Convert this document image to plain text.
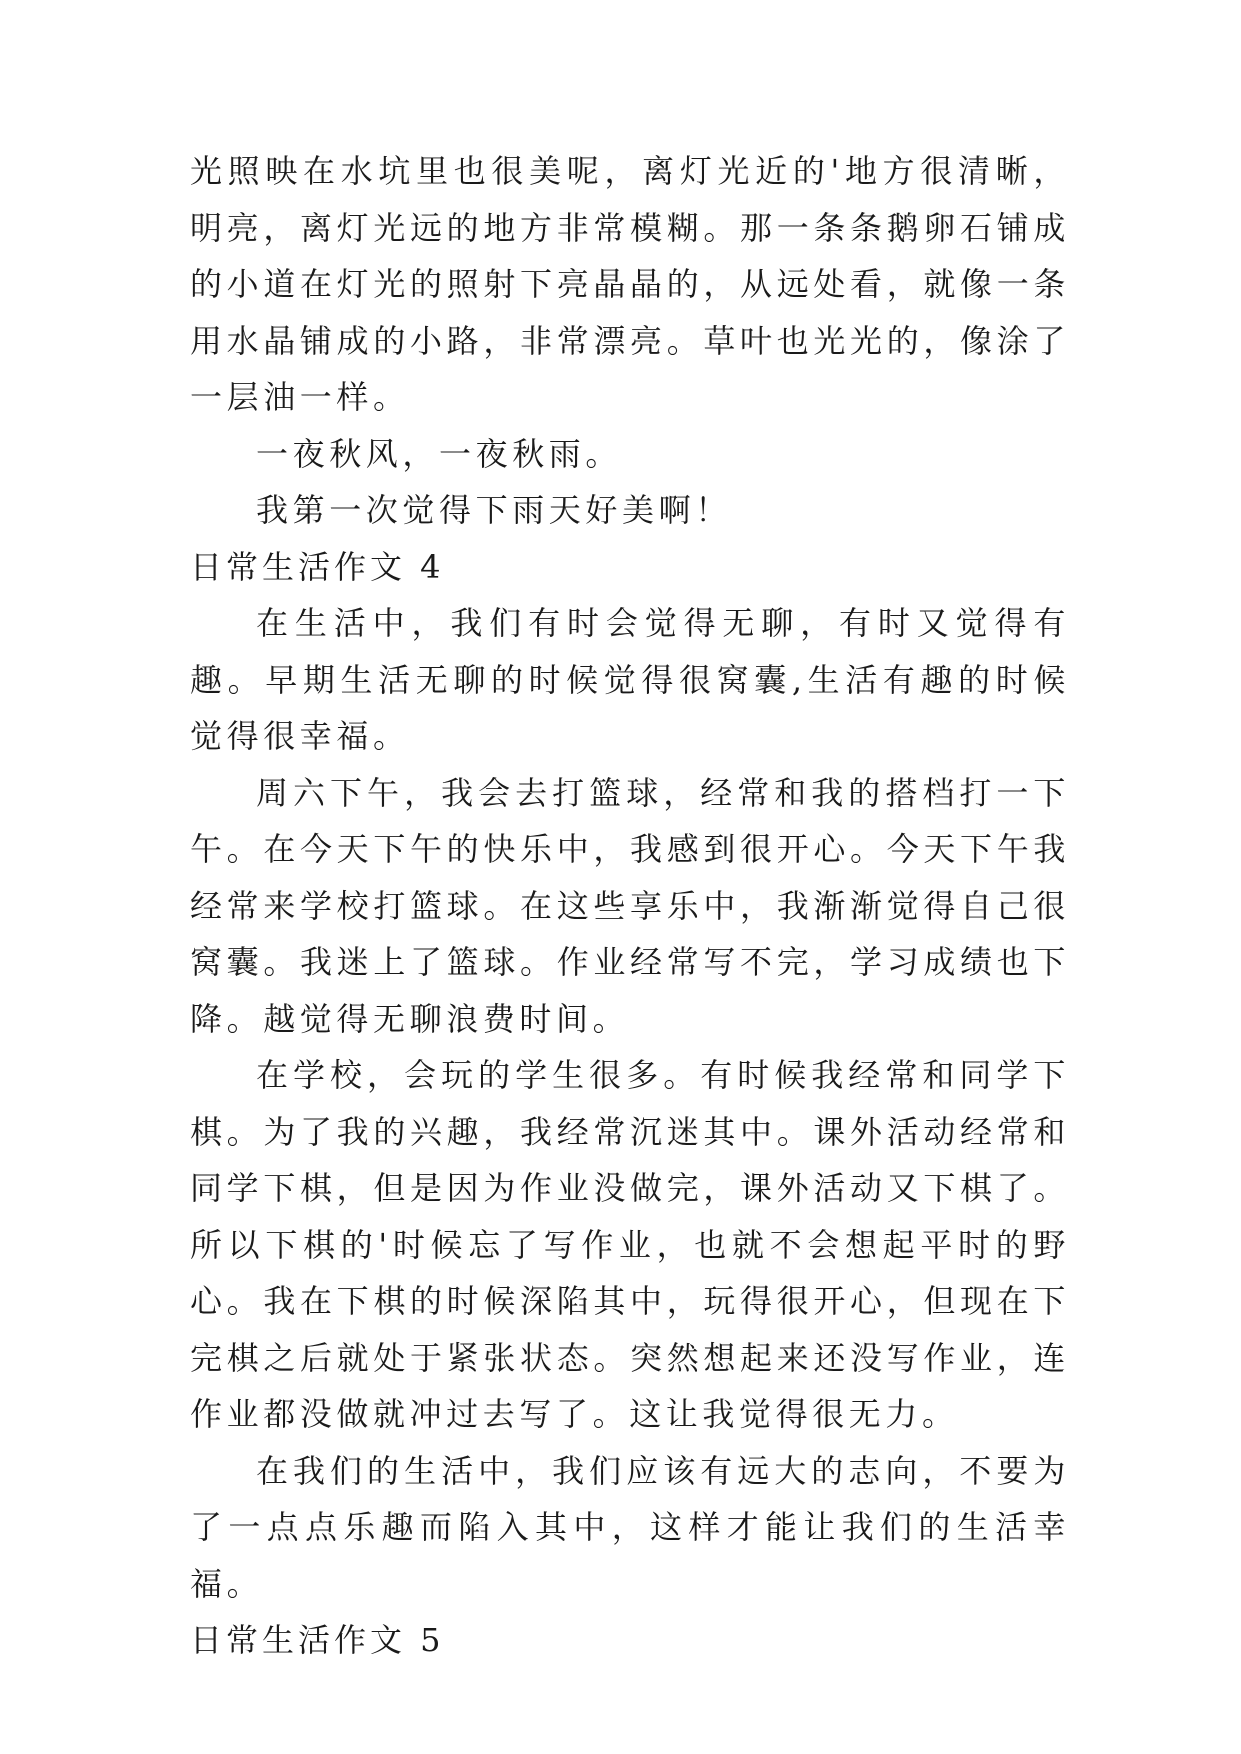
光照映在水坑里也很美呢，离灯光近的'地方很清晰，明亮，离灯光远的地方非常模糊。那一条条鹅卵石铺成的小道在灯光的照射下亮晶晶的，从远处看，就像一条用水晶铺成的小路，非常漂亮。草叶也光光的，像涂了一层油一样。

一夜秋风，一夜秋雨。

我第一次觉得下雨天好美啊！

日常生活作文 4

在生活中，我们有时会觉得无聊，有时又觉得有趣。早期生活无聊的时候觉得很窝囊,生活有趣的时候觉得很幸福。

周六下午，我会去打篮球，经常和我的搭档打一下午。在今天下午的快乐中，我感到很开心。今天下午我经常来学校打篮球。在这些享乐中，我渐渐觉得自己很窝囊。我迷上了篮球。作业经常写不完，学习成绩也下降。越觉得无聊浪费时间。

在学校，会玩的学生很多。有时候我经常和同学下棋。为了我的兴趣，我经常沉迷其中。课外活动经常和同学下棋，但是因为作业没做完，课外活动又下棋了。所以下棋的'时候忘了写作业，也就不会想起平时的野心。我在下棋的时候深陷其中，玩得很开心，但现在下完棋之后就处于紧张状态。突然想起来还没写作业，连作业都没做就冲过去写了。这让我觉得很无力。

在我们的生活中，我们应该有远大的志向，不要为了一点点乐趣而陷入其中，这样才能让我们的生活幸福。

日常生活作文 5
